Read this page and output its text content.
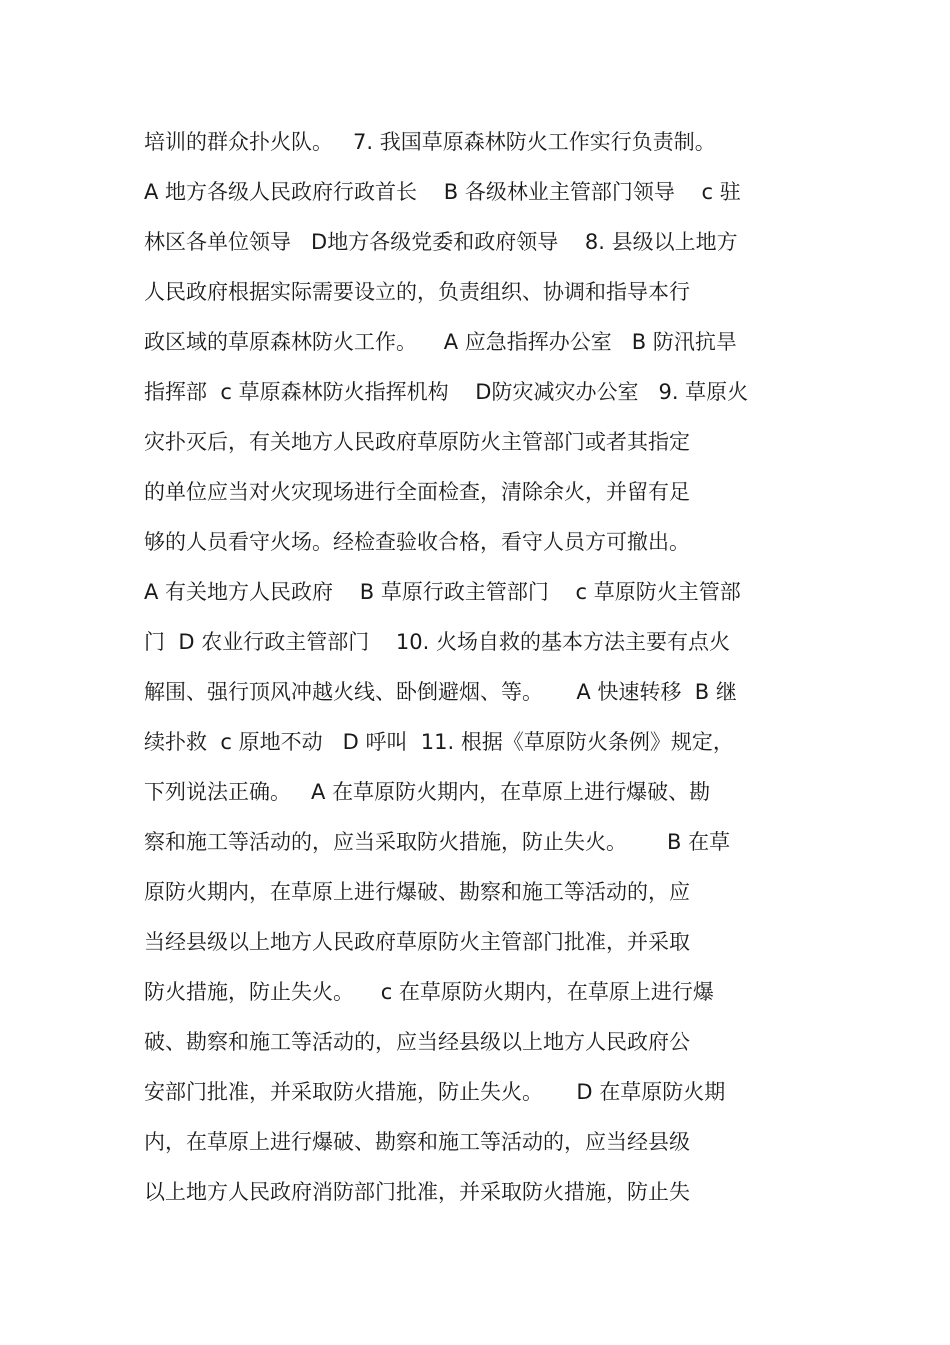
培训的群众扑火队。   7. 我国草原森林防火工作实行负责制。
A 地方各级人民政府行政首长    B 各级林业主管部门领导    c 驻
林区各单位领导   D地方各级党委和政府领导    8. 县级以上地方
人民政府根据实际需要设立的，负责组织、协调和指导本行
政区域的草原森林防火工作。    A 应急指挥办公室   B 防汛抗旱
指挥部  c 草原森林防火指挥机构    D防灾减灾办公室   9. 草原火
灾扑灭后，有关地方人民政府草原防火主管部门或者其指定
的单位应当对火灾现场进行全面检查，清除余火，并留有足
够的人员看守火场。经检查验收合格，看守人员方可撤出。
A 有关地方人民政府    B 草原行政主管部门    c 草原防火主管部
门  D 农业行政主管部门    10. 火场自救的基本方法主要有点火
解围、强行顶风冲越火线、卧倒避烟、等。     A 快速转移  B 继
续扑救  c 原地不动   D 呼叫  11. 根据《草原防火条例》规定，
下列说法正确。   A 在草原防火期内，在草原上进行爆破、勘
察和施工等活动的，应当采取防火措施，防止失火。      B 在草
原防火期内，在草原上进行爆破、勘察和施工等活动的，应
当经县级以上地方人民政府草原防火主管部门批准，并采取
防火措施，防止失火。    c 在草原防火期内，在草原上进行爆
破、勘察和施工等活动的，应当经县级以上地方人民政府公
安部门批准，并采取防火措施，防止失火。     D 在草原防火期
内，在草原上进行爆破、勘察和施工等活动的，应当经县级
以上地方人民政府消防部门批准，并采取防火措施，防止失
